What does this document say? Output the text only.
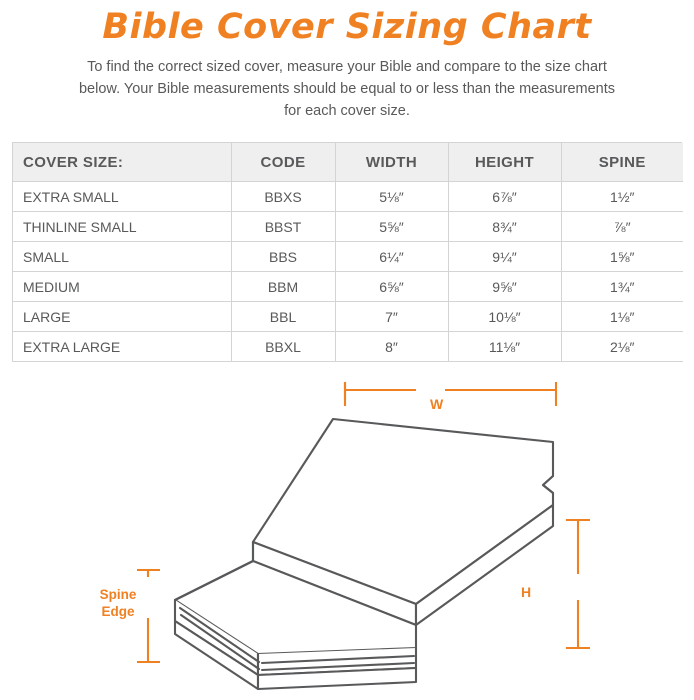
Bible Cover Sizing Chart

To find the correct sized cover, measure your Bible and compare to the size chart below. Your Bible measurements should be equal to or less than the measurements for each cover size.

COVER SIZE:	CODE	WIDTH	HEIGHT	SPINE
EXTRA SMALL	BBXS	5⅛″	6⅞″	1½″
THINLINE SMALL	BBST	5⅝″	8¾″	⅞″
SMALL	BBS	6¼″	9¼″	1⅝″
MEDIUM	BBM	6⅝″	9⅝″	1¾″
LARGE	BBL	7″	10⅛″	1⅛″
EXTRA LARGE	BBXL	8″	11⅛″	2⅛″
W
H
Spine
Edge
